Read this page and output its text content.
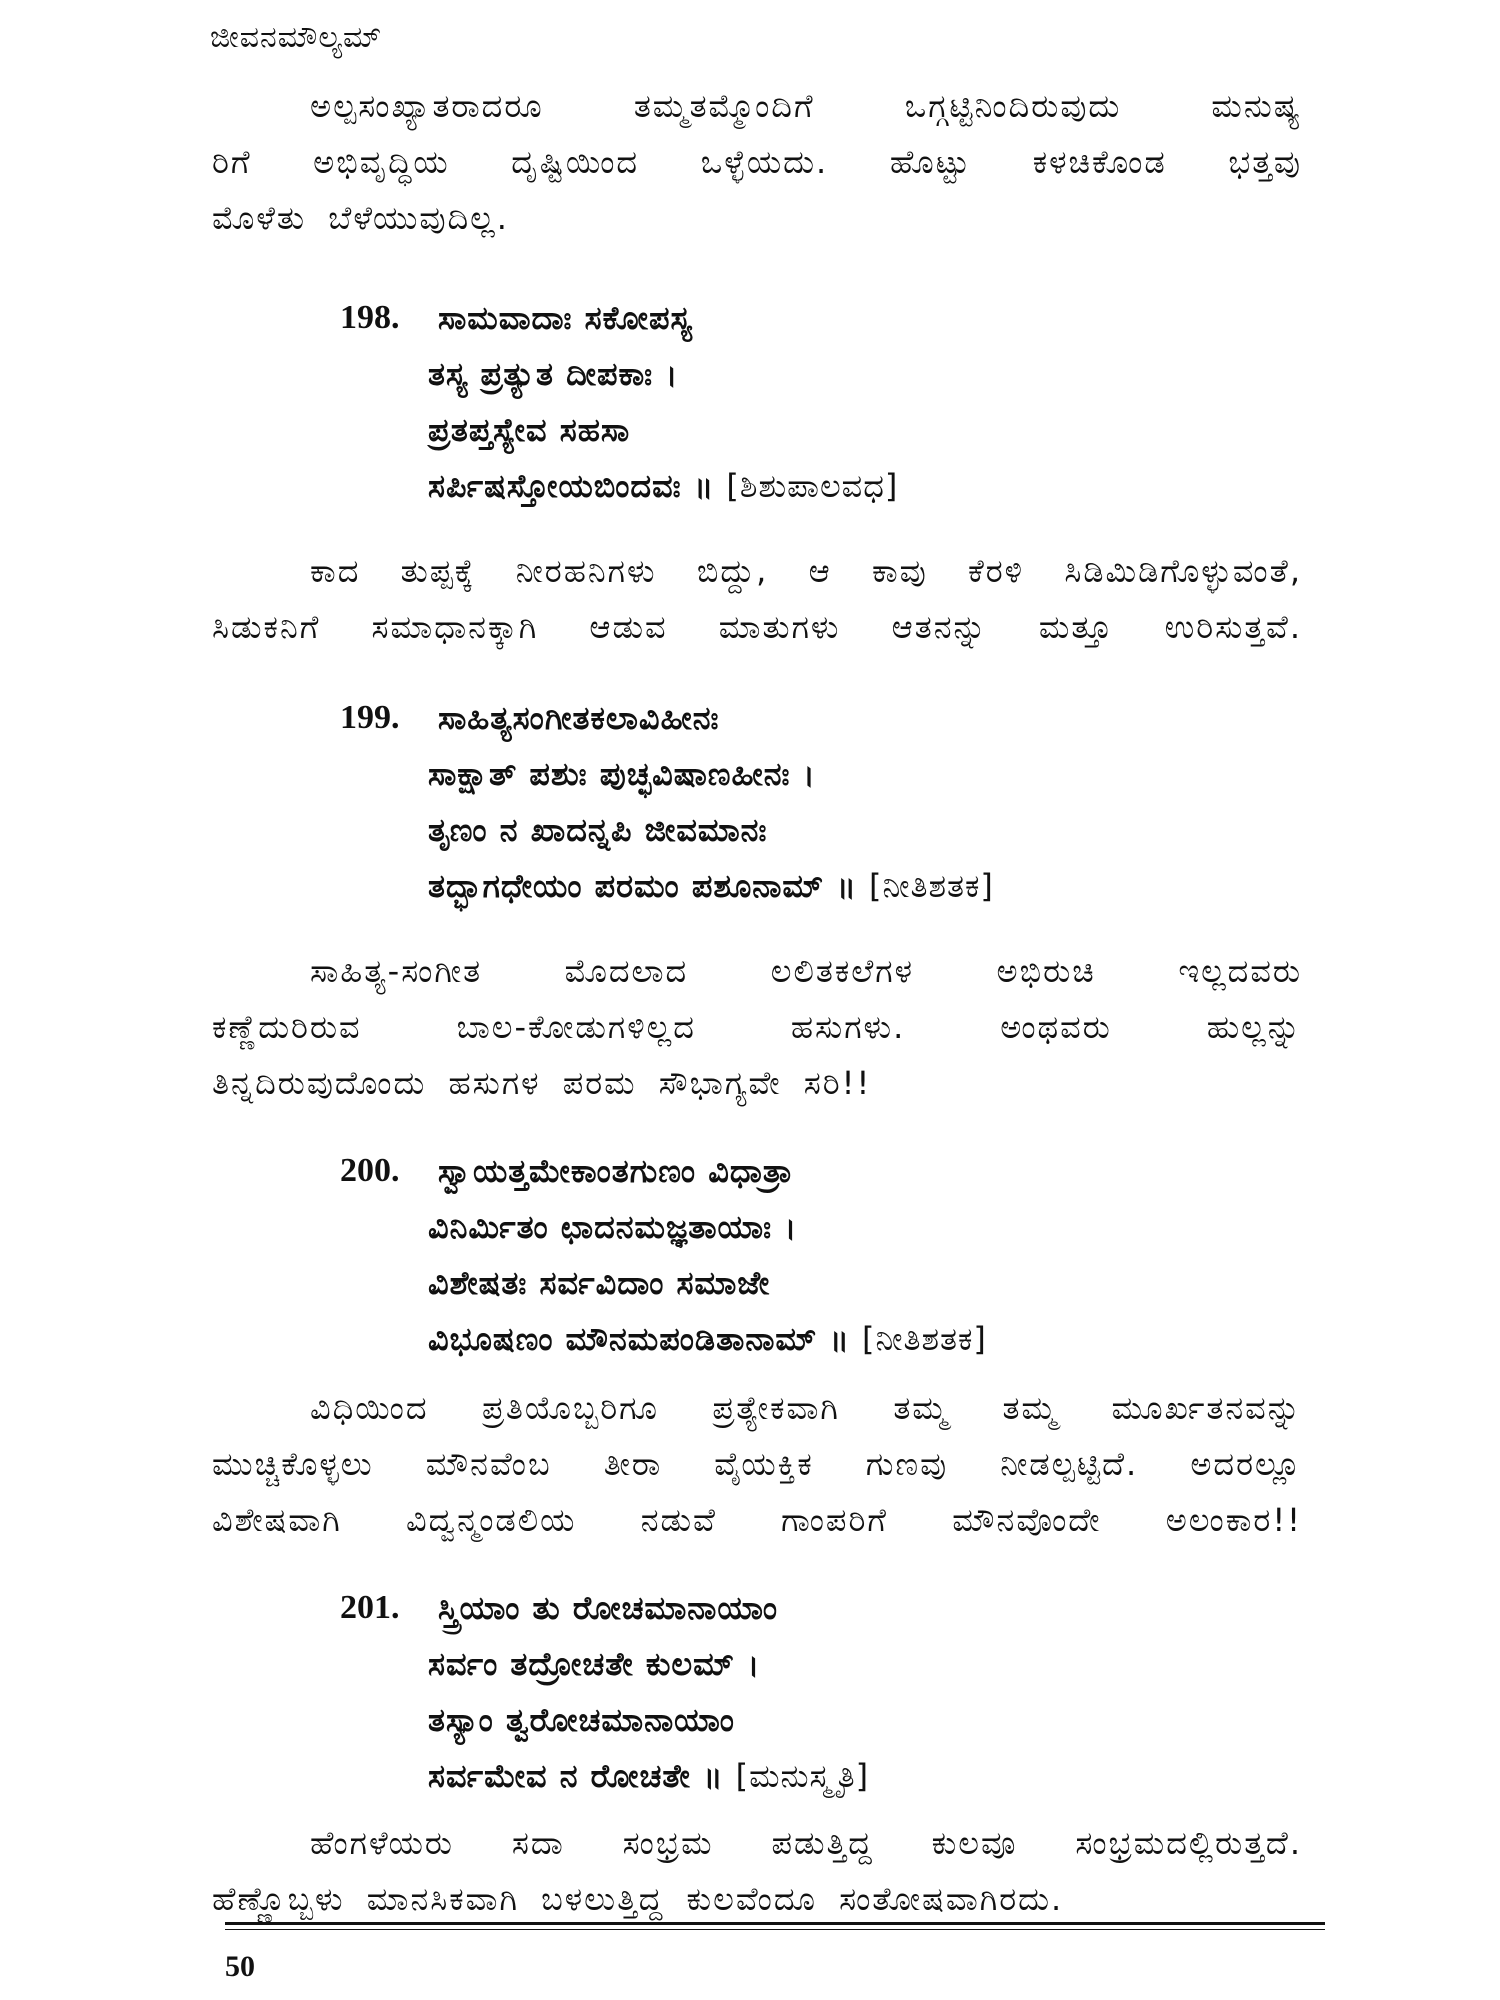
ಜೀವನಮೌಲ್ಯಮ್
ಅಲ್ಪಸಂಖ್ಯಾತರಾದರೂ ತಮ್ಮತಮ್ಮೊಂದಿಗೆ ಒಗ್ಗಟ್ಟಿನಿಂದಿರುವುದು ಮನುಷ್ಯ
ರಿಗೆ ಅಭಿವೃದ್ಧಿಯ ದೃಷ್ಟಿಯಿಂದ ಒಳ್ಳೆಯದು. ಹೊಟ್ಟು ಕಳಚಿಕೊಂಡ ಭತ್ತವು
ಮೊಳೆತು ಬೆಳೆಯುವುದಿಲ್ಲ.
198.	ಸಾಮವಾದಾಃ ಸಕೋಪಸ್ಯ
ತಸ್ಯ ಪ್ರತ್ಯುತ ದೀಪಕಾಃ ।
ಪ್ರತಪ್ತಸ್ಯೇವ ಸಹಸಾ
ಸರ್ಪಿಷಸ್ತೋಯಬಿಂದವಃ ॥ [ಶಿಶುಪಾಲವಧ]
ಕಾದ ತುಪ್ಪಕ್ಕೆ ನೀರಹನಿಗಳು ಬಿದ್ದು, ಆ ಕಾವು ಕೆರಳಿ ಸಿಡಿಮಿಡಿಗೊಳ್ಳುವಂತೆ,
ಸಿಡುಕನಿಗೆ ಸಮಾಧಾನಕ್ಕಾಗಿ ಆಡುವ ಮಾತುಗಳು ಆತನನ್ನು ಮತ್ತೂ ಉರಿಸುತ್ತವೆ.
199.	ಸಾಹಿತ್ಯಸಂಗೀತಕಲಾವಿಹೀನಃ
ಸಾಕ್ಷಾತ್ ಪಶುಃ ಪುಚ್ಛವಿಷಾಣಹೀನಃ ।
ತೃಣಂ ನ ಖಾದನ್ನಪಿ ಜೀವಮಾನಃ
ತದ್ಭಾಗಧೇಯಂ ಪರಮಂ ಪಶೂನಾಮ್ ॥ [ನೀತಿಶತಕ]
ಸಾಹಿತ್ಯ-ಸಂಗೀತ ಮೊದಲಾದ ಲಲಿತಕಲೆಗಳ ಅಭಿರುಚಿ ಇಲ್ಲದವರು
ಕಣ್ಣೆದುರಿರುವ ಬಾಲ-ಕೋಡುಗಳಿಲ್ಲದ ಹಸುಗಳು. ಅಂಥವರು ಹುಲ್ಲನ್ನು
ತಿನ್ನದಿರುವುದೊಂದು ಹಸುಗಳ ಪರಮ ಸೌಭಾಗ್ಯವೇ ಸರಿ!!
200.	ಸ್ವಾಯತ್ತಮೇಕಾಂತಗುಣಂ ವಿಧಾತ್ರಾ
ವಿನಿರ್ಮಿತಂ ಛಾದನಮಜ್ಞತಾಯಾಃ ।
ವಿಶೇಷತಃ ಸರ್ವವಿದಾಂ ಸಮಾಜೇ
ವಿಭೂಷಣಂ ಮೌನಮಪಂಡಿತಾನಾಮ್ ॥ [ನೀತಿಶತಕ]
ವಿಧಿಯಿಂದ ಪ್ರತಿಯೊಬ್ಬರಿಗೂ ಪ್ರತ್ಯೇಕವಾಗಿ ತಮ್ಮ ತಮ್ಮ ಮೂರ್ಖತನವನ್ನು
ಮುಚ್ಚಿಕೊಳ್ಳಲು ಮೌನವೆಂಬ ತೀರಾ ವೈಯಕ್ತಿಕ ಗುಣವು ನೀಡಲ್ಪಟ್ಟಿದೆ. ಅದರಲ್ಲೂ
ವಿಶೇಷವಾಗಿ ವಿದ್ವನ್ಮಂಡಲಿಯ ನಡುವೆ ಗಾಂಪರಿಗೆ ಮೌನವೊಂದೇ ಅಲಂಕಾರ!!
201.	ಸ್ತ್ರಿಯಾಂ ತು ರೋಚಮಾನಾಯಾಂ
ಸರ್ವಂ ತದ್ರೋಚತೇ ಕುಲಮ್ ।
ತಸ್ಯಾಂ ತ್ವರೋಚಮಾನಾಯಾಂ
ಸರ್ವಮೇವ ನ ರೋಚತೇ ॥ [ಮನುಸ್ಮೃತಿ]
ಹೆಂಗಳೆಯರು ಸದಾ ಸಂಭ್ರಮ ಪಡುತ್ತಿದ್ದ ಕುಲವೂ ಸಂಭ್ರಮದಲ್ಲಿರುತ್ತದೆ.
ಹೆಣ್ಣೊಬ್ಬಳು ಮಾನಸಿಕವಾಗಿ ಬಳಲುತ್ತಿದ್ದ ಕುಲವೆಂದೂ ಸಂತೋಷವಾಗಿರದು.
50
